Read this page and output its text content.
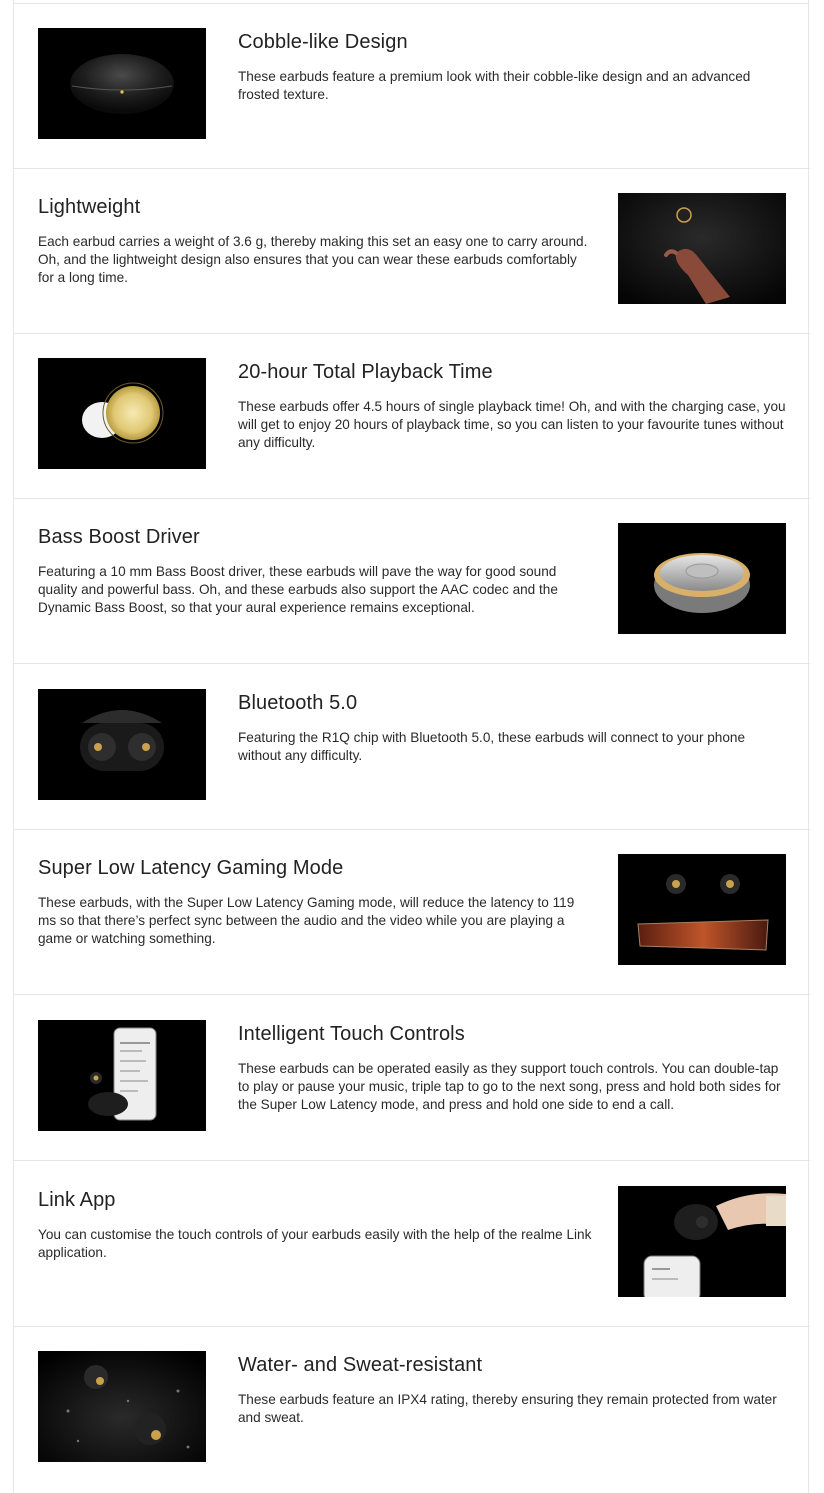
Cobble-like Design

These earbuds feature a premium look with their cobble-like design and an advanced frosted texture.

Lightweight

Each earbud carries a weight of 3.6 g, thereby making this set an easy one to carry around. Oh, and the lightweight design also ensures that you can wear these earbuds comfortably for a long time.

20-hour Total Playback Time

These earbuds offer 4.5 hours of single playback time! Oh, and with the charging case, you will get to enjoy 20 hours of playback time, so you can listen to your favourite tunes without any difficulty.

Bass Boost Driver

Featuring a 10 mm Bass Boost driver, these earbuds will pave the way for good sound quality and powerful bass. Oh, and these earbuds also support the AAC codec and the Dynamic Bass Boost, so that your aural experience remains exceptional.

Bluetooth 5.0

Featuring the R1Q chip with Bluetooth 5.0, these earbuds will connect to your phone without any difficulty.

Super Low Latency Gaming Mode

These earbuds, with the Super Low Latency Gaming mode, will reduce the latency to 119 ms so that there’s perfect sync between the audio and the video while you are playing a game or watching something.

Intelligent Touch Controls

These earbuds can be operated easily as they support touch controls. You can double-tap to play or pause your music, triple tap to go to the next song, press and hold both sides for the Super Low Latency mode, and press and hold one side to end a call.

Link App

You can customise the touch controls of your earbuds easily with the help of the realme Link application.

Water- and Sweat-resistant

These earbuds feature an IPX4 rating, thereby ensuring they remain protected from water and sweat.
